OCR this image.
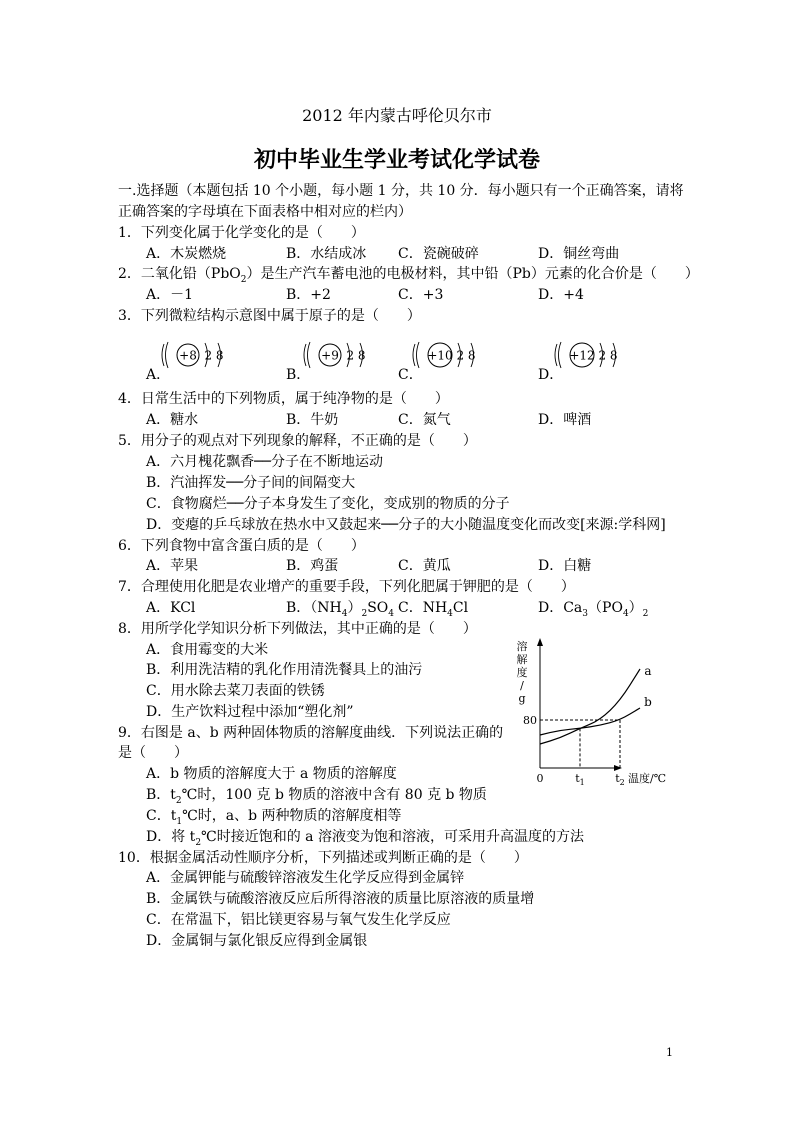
2012 年内蒙古呼伦贝尔市
初中毕业生学业考试化学试卷
一.选择题（本题包括 10 个小题，每小题 1 分，共 10 分．每小题只有一个正确答案，请将
正确答案的字母填在下面表格中相对应的栏内）
1．下列变化属于化学变化的是（　　）
A．木炭燃烧	B．水结成冰 C．瓷碗破碎	D．铜丝弯曲
2．二氧化铅（PbO$_2$）是生产汽车蓄电池的电极材料，其中铅（Pb）元素的化合价是（　　）
A．－1	B．+2	C．+3	D．+4
3．下列微粒结构示意图中属于原子的是（　　）
+8 2 8	+9 2 8	+10 2 8	+12 2 8
A．	B．	C．	D．
4．日常生活中的下列物质，属于纯净物的是（　　）
A．糖水	B．牛奶	C．氮气	D．啤酒
5．用分子的观点对下列现象的解释，不正确的是（　　）
A．六月槐花飘香──分子在不断地运动
B．汽油挥发──分子间的间隔变大
C．食物腐烂──分子本身发生了变化，变成别的物质的分子
D．变瘪的乒乓球放在热水中又鼓起来──分子的大小随温度变化而改变[来源:学科网]
6．下列食物中富含蛋白质的是（　　）
A．苹果	B．鸡蛋	C．黄瓜	D．白糖
7．合理使用化肥是农业增产的重要手段，下列化肥属于钾肥的是（　　）
A．KCl	B．$(NH_4)_2SO_4$ C．$NH_4Cl$	D．$Ca_3(PO_4)_2$
8．用所学化学知识分析下列做法，其中正确的是（　　）
A．食用霉变的大米
B．利用洗洁精的乳化作用清洗餐具上的油污
C．用水除去菜刀表面的铁锈
D．生产饮料过程中添加“塑化剂”
9．右图是 a、b 两种固体物质的溶解度曲线．下列说法正确的
是（　　）
A．b 物质的溶解度大于 a 物质的溶解度
B．$t_2℃$时，100 克 b 物质的溶液中含有 80 克 b 物质
C．$t_1℃$时，a、b 两种物质的溶解度相等
D．将 $t_2℃$时接近饱和的 a 溶液变为饱和溶液，可采用升高温度的方法
溶
解
度
/
g
0	温度/℃
80
$t_1$	$t_2$
a
b
10．根据金属活动性顺序分析，下列描述或判断正确的是（　　）
A．金属钾能与硫酸锌溶液发生化学反应得到金属锌
B．金属铁与硫酸溶液反应后所得溶液的质量比原溶液的质量增
C．在常温下，铝比镁更容易与氧气发生化学反应
D．金属铜与氯化银反应得到金属银
1
